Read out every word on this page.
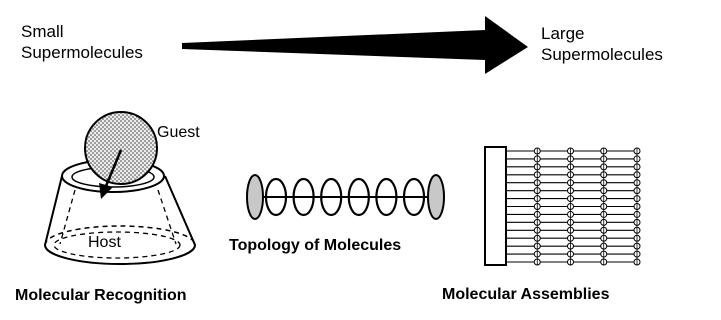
Small
Supermolecules
Large
Supermolecules
Guest
Host
Molecular Recognition
Topology of Molecules
Molecular Assemblies
